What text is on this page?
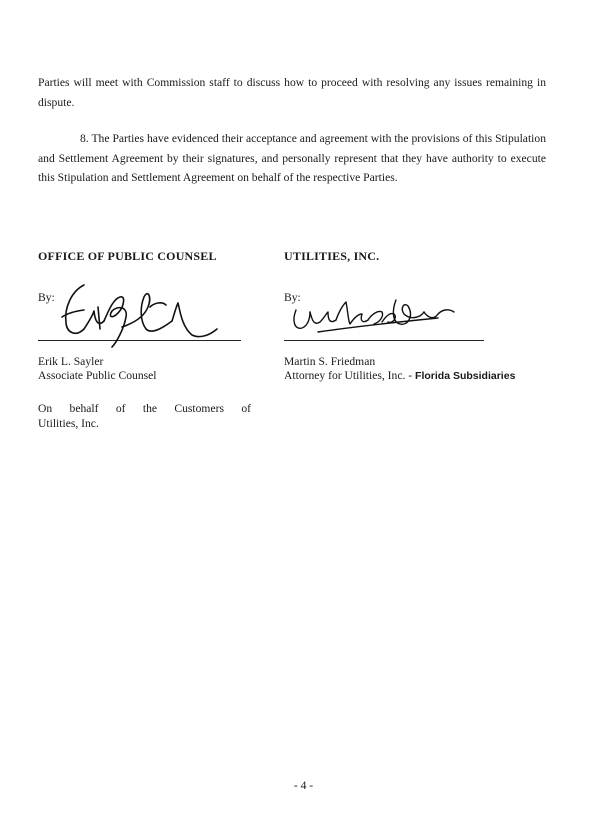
Parties will meet with Commission staff to discuss how to proceed with resolving any issues remaining in dispute.

8. The Parties have evidenced their acceptance and agreement with the provisions of this Stipulation and Settlement Agreement by their signatures, and personally represent that they have authority to execute this Stipulation and Settlement Agreement on behalf of the respective Parties.

OFFICE OF PUBLIC COUNSEL	UTILITIES, INC.
By:	By:
Erik L. Sayler
Associate Public Counsel
Martin S. Friedman
Attorney for Utilities, Inc. - Florida Subsidiaries
On behalf of the Customers of
Utilities, Inc.
- 4 -
